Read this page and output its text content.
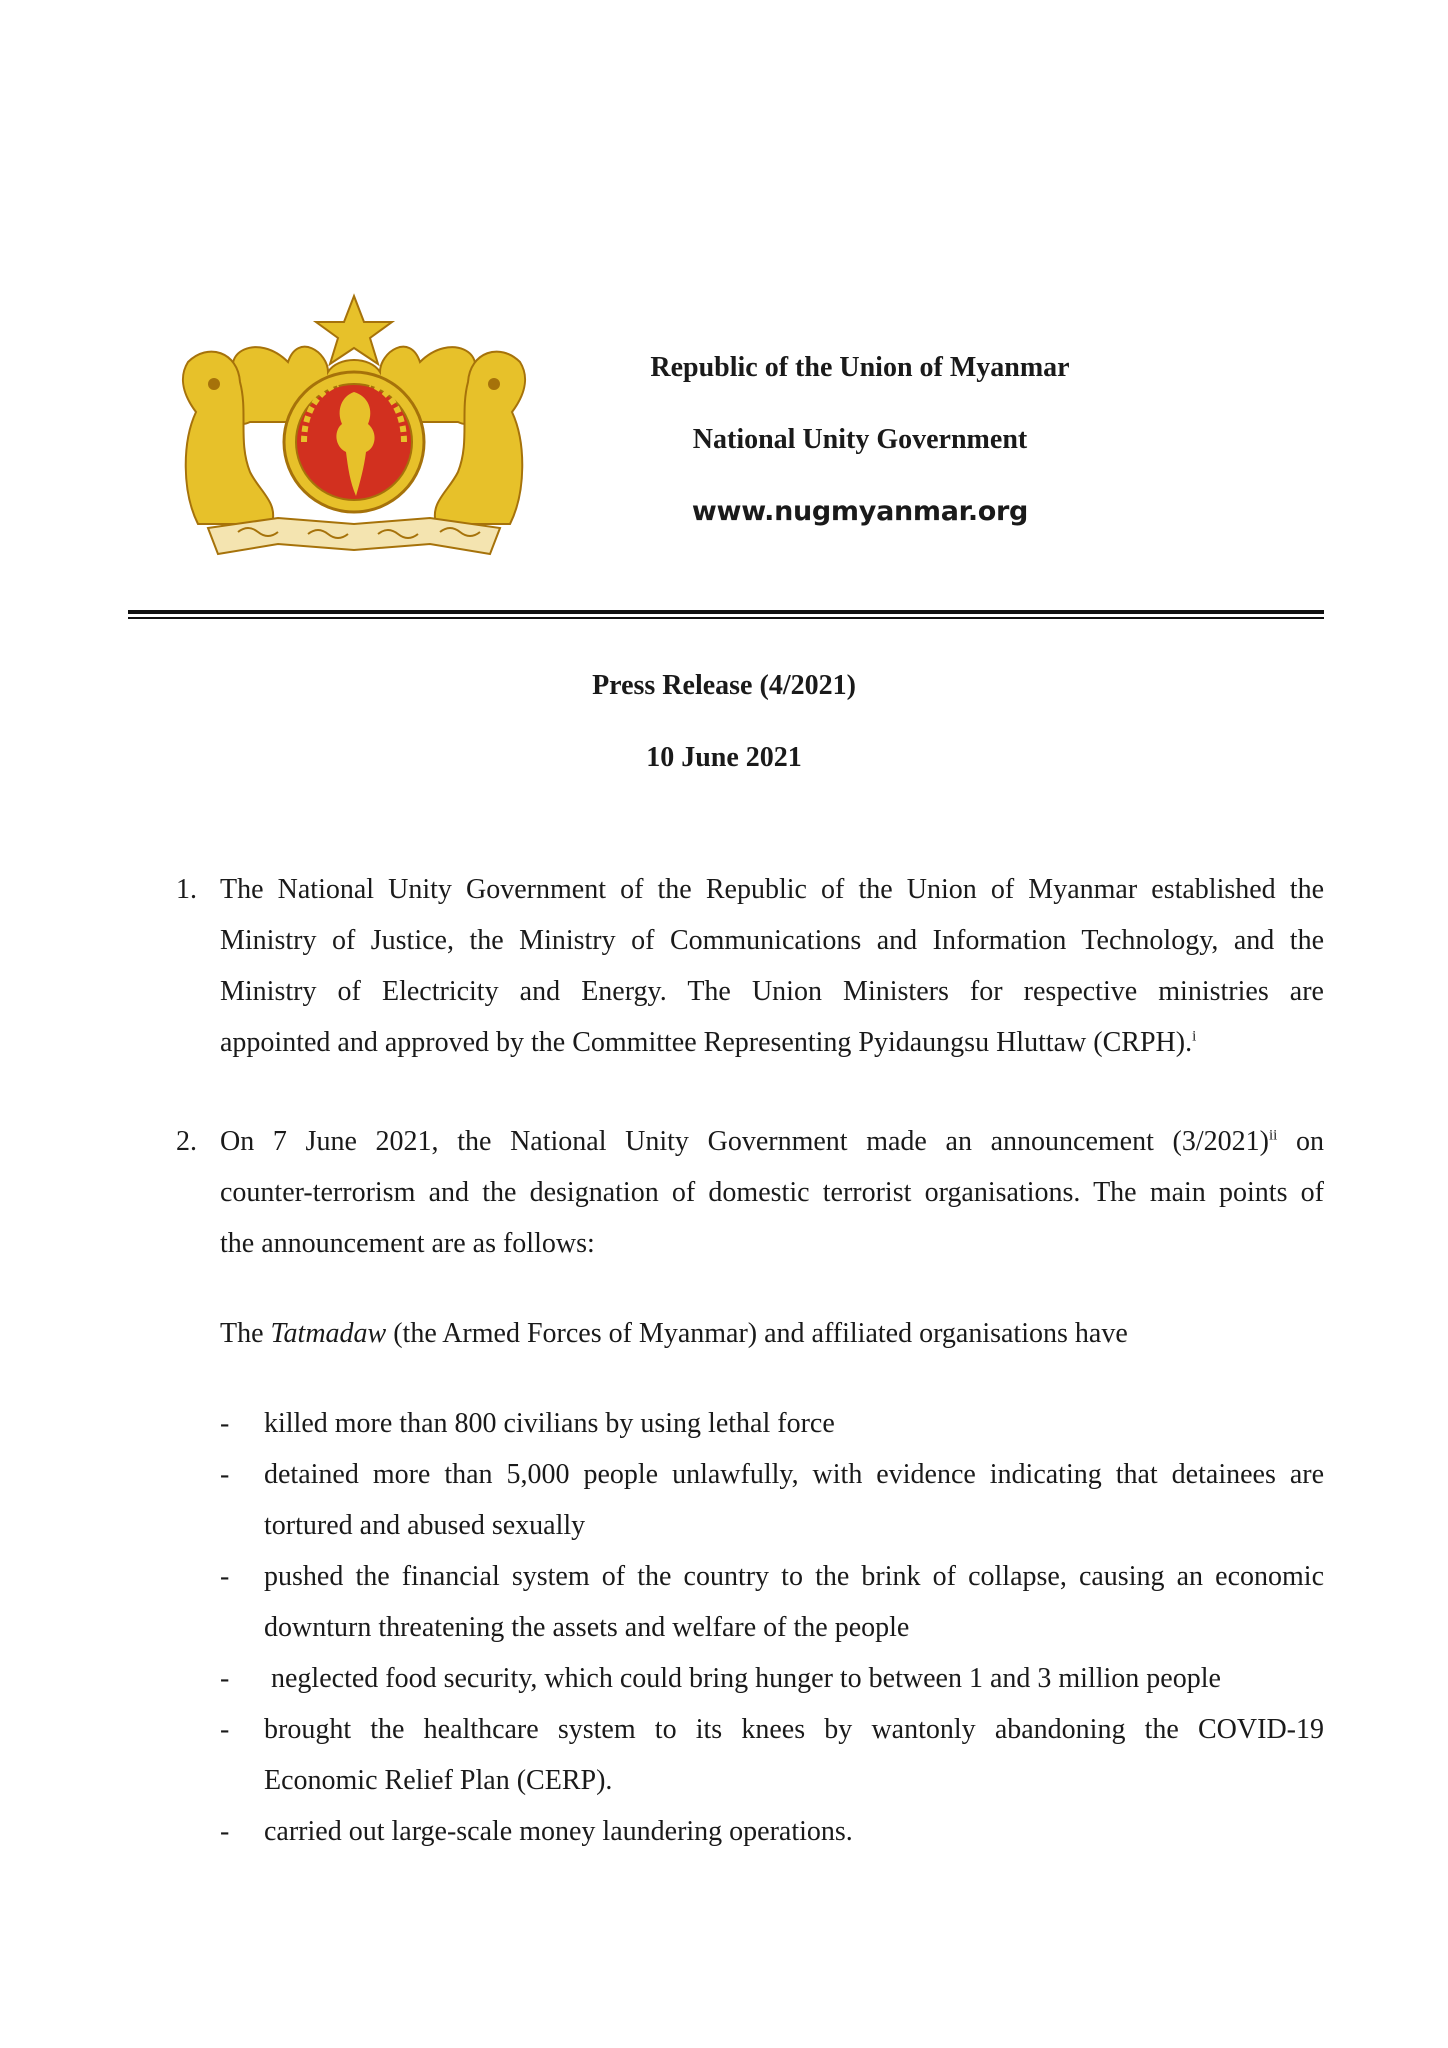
Republic of the Union of Myanmar
National Unity Government
www.nugmyanmar.org
Press Release (4/2021)
10 June 2021
1. The National Unity Government of the Republic of the Union of Myanmar established the
Ministry of Justice, the Ministry of Communications and Information Technology, and the
Ministry of Electricity and Energy. The Union Ministers for respective ministries are
appointed and approved by the Committee Representing Pyidaungsu Hluttaw (CRPH).$^i$
2. On 7 June 2021, the National Unity Government made an announcement $(3/2021)^{ii}$ on
counter-terrorism and the designation of domestic terrorist organisations. The main points of
the announcement are as follows:
The Tatmadaw (the Armed Forces of Myanmar) and affiliated organisations have
- killed more than 800 civilians by using lethal force
- detained more than 5,000 people unlawfully, with evidence indicating that detainees are
tortured and abused sexually
- pushed the financial system of the country to the brink of collapse, causing an economic
downturn threatening the assets and welfare of the people
- neglected food security, which could bring hunger to between 1 and 3 million people
- brought the healthcare system to its knees by wantonly abandoning the COVID-19
Economic Relief Plan (CERP).
- carried out large-scale money laundering operations.
